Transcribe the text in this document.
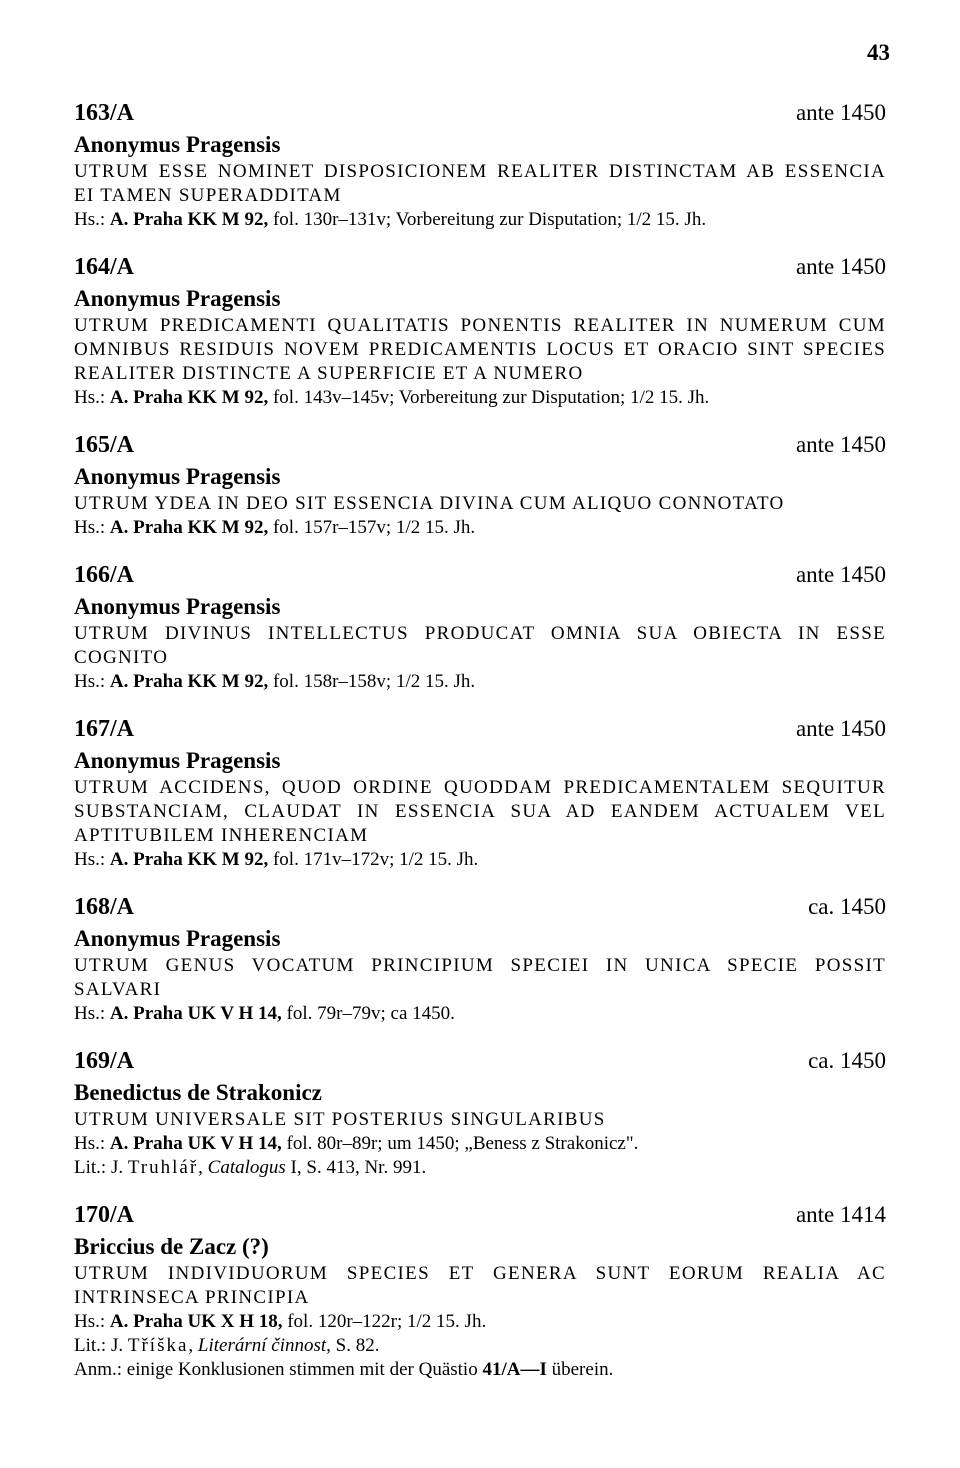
43
163/A	ante 1450
Anonymus Pragensis
UTRUM ESSE NOMINET DISPOSICIONEM REALITER DISTINCTAM AB ESSENCIA EI TAMEN SUPERADDITAM
Hs.: A. Praha KK M 92, fol. 130r–131v; Vorbereitung zur Disputation; 1/2 15. Jh.
164/A	ante 1450
Anonymus Pragensis
UTRUM PREDICAMENTI QUALITATIS PONENTIS REALITER IN NUMERUM CUM OMNIBUS RESIDUIS NOVEM PREDICAMENTIS LOCUS ET ORACIO SINT SPECIES REALITER DISTINCTE A SUPERFICIE ET A NUMERO
Hs.: A. Praha KK M 92, fol. 143v–145v; Vorbereitung zur Disputation; 1/2 15. Jh.
165/A	ante 1450
Anonymus Pragensis
UTRUM YDEA IN DEO SIT ESSENCIA DIVINA CUM ALIQUO CONNOTATO
Hs.: A. Praha KK M 92, fol. 157r–157v; 1/2 15. Jh.
166/A	ante 1450
Anonymus Pragensis
UTRUM DIVINUS INTELLECTUS PRODUCAT OMNIA SUA OBIECTA IN ESSE COGNITO
Hs.: A. Praha KK M 92, fol. 158r–158v; 1/2 15. Jh.
167/A	ante 1450
Anonymus Pragensis
UTRUM ACCIDENS, QUOD ORDINE QUODDAM PREDICAMENTALEM SEQUITUR SUBSTANCIAM, CLAUDAT IN ESSENCIA SUA AD EANDEM ACTUALEM VEL APTITUBILEM INHERENCIAM
Hs.: A. Praha KK M 92, fol. 171v–172v; 1/2 15. Jh.
168/A	ca. 1450
Anonymus Pragensis
UTRUM GENUS VOCATUM PRINCIPIUM SPECIEI IN UNICA SPECIE POSSIT SALVARI
Hs.: A. Praha UK V H 14, fol. 79r–79v; ca 1450.
169/A	ca. 1450
Benedictus de Strakonicz
UTRUM UNIVERSALE SIT POSTERIUS SINGULARIBUS
Hs.: A. Praha UK V H 14, fol. 80r–89r; um 1450; „Beness z Strakonicz".
Lit.: J. Truhlář, Catalogus I, S. 413, Nr. 991.
170/A	ante 1414
Briccius de Zacz (?)
UTRUM INDIVIDUORUM SPECIES ET GENERA SUNT EORUM REALIA AC INTRINSECA PRINCIPIA
Hs.: A. Praha UK X H 18, fol. 120r–122r; 1/2 15. Jh.
Lit.: J. Tříška, Literární činnost, S. 82.
Anm.: einige Konklusionen stimmen mit der Quästio 41/A—I überein.
